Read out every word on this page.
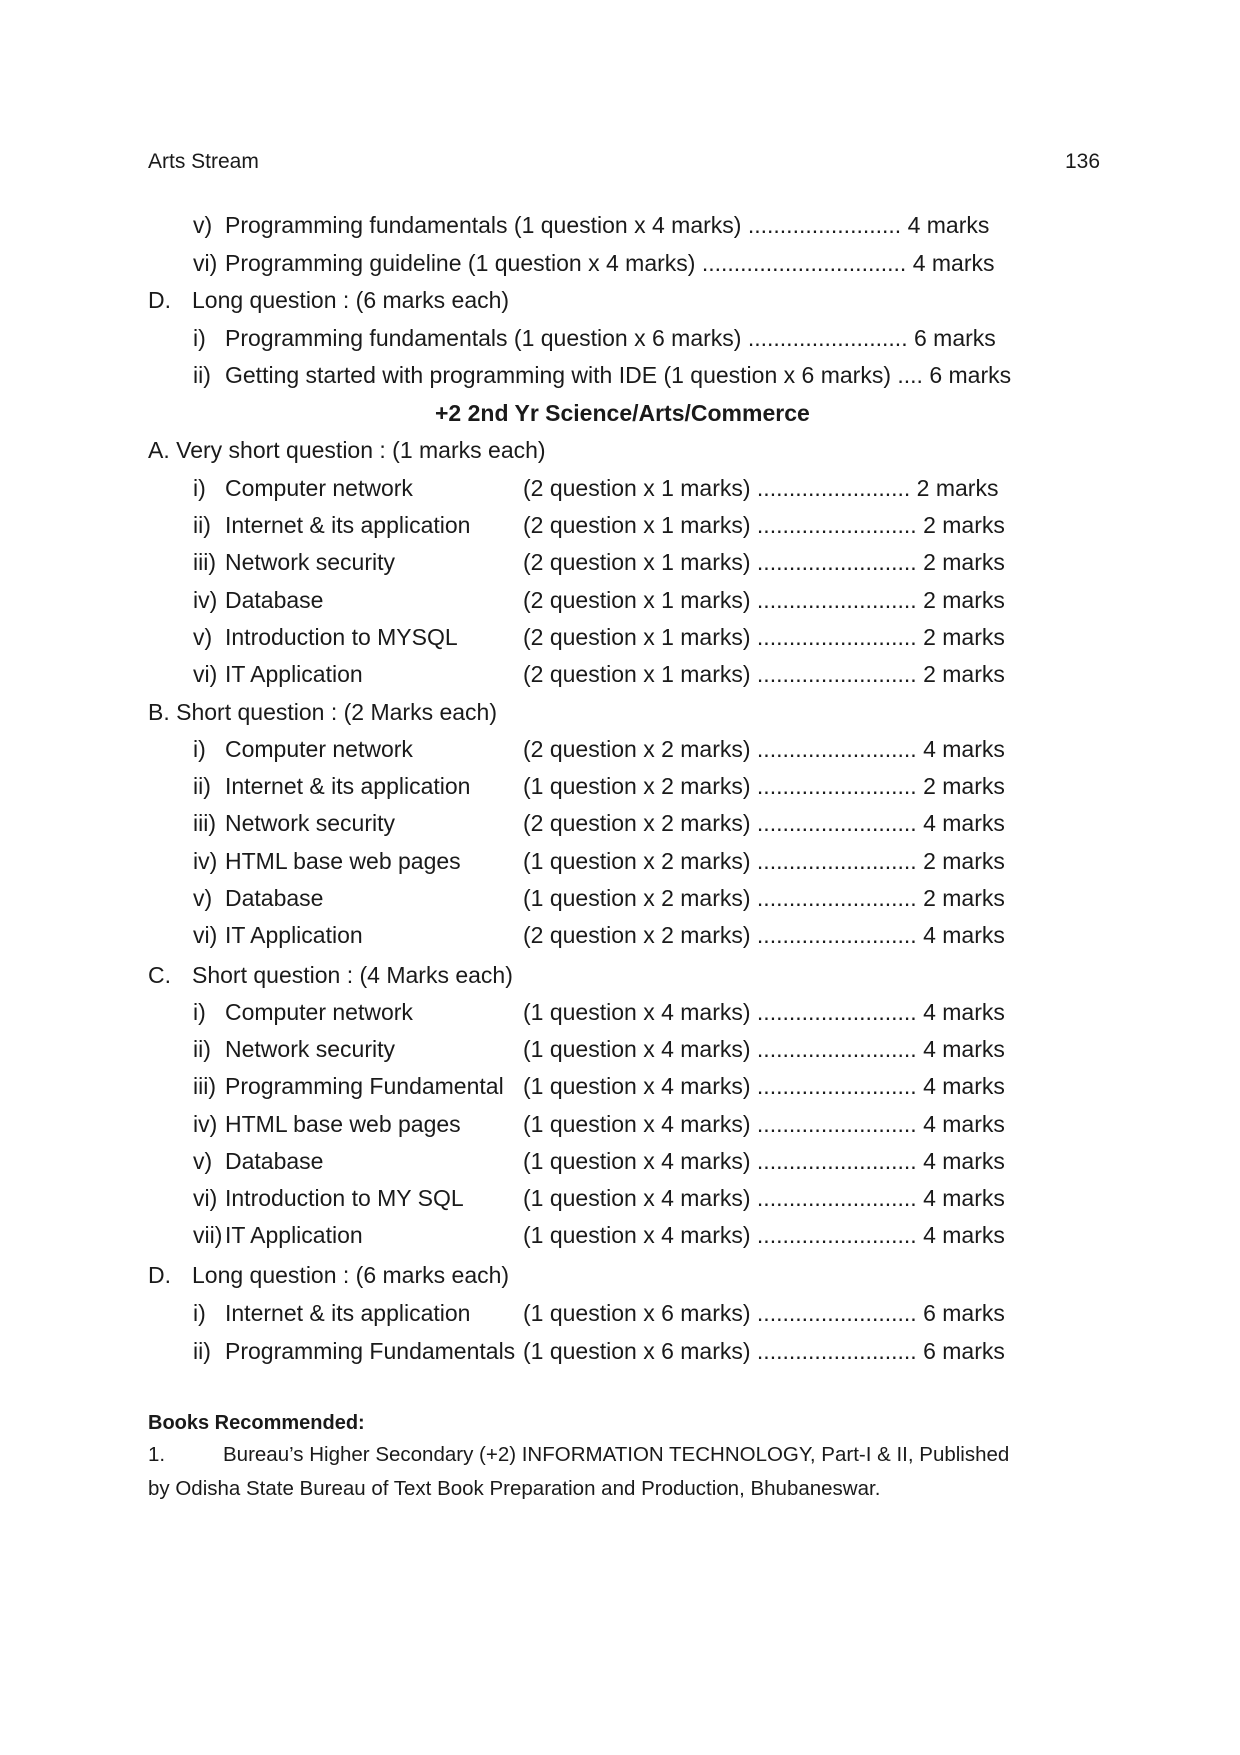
Arts Stream	136
v) Programming fundamentals (1 question x 4 marks) ........................ 4 marks
vi) Programming guideline (1 question x 4 marks) ................................ 4 marks
D. Long question : (6 marks each)
i) Programming fundamentals (1 question x 6 marks) ......................... 6 marks
ii) Getting started with programming with IDE (1 question x 6 marks) .... 6 marks
+2 2nd Yr Science/Arts/Commerce
A. Very short question : (1 marks each)
i) Computer network	(2 question x 1 marks) ........................ 2 marks
ii) Internet & its application (2 question x 1 marks) ......................... 2 marks
iii) Network security	(2 question x 1 marks) ......................... 2 marks
iv) Database	(2 question x 1 marks) ......................... 2 marks
v) Introduction to MYSQL	(2 question x 1 marks) ......................... 2 marks
vi) IT Application	(2 question x 1 marks) ......................... 2 marks
B. Short question : (2 Marks each)
i) Computer network	(2 question x 2 marks) ......................... 4 marks
ii) Internet & its application (1 question x 2 marks) ......................... 2 marks
iii) Network security	(2 question x 2 marks) ......................... 4 marks
iv) HTML base web pages	(1 question x 2 marks) ......................... 2 marks
v) Database	(1 question x 2 marks) ......................... 2 marks
vi) IT Application	(2 question x 2 marks) ......................... 4 marks
C. Short question : (4 Marks each)
i) Computer network	(1 question x 4 marks) ......................... 4 marks
ii) Network security	(1 question x 4 marks) ......................... 4 marks
iii) Programming Fundamental (1 question x 4 marks) ......................... 4 marks
iv) HTML base web pages	(1 question x 4 marks) ......................... 4 marks
v) Database	(1 question x 4 marks) ......................... 4 marks
vi) Introduction to MY SQL	(1 question x 4 marks) ......................... 4 marks
vii) IT Application	(1 question x 4 marks) ......................... 4 marks
D. Long question : (6 marks each)
i) Internet & its application (1 question x 6 marks) ......................... 6 marks
ii) Programming Fundamentals (1 question x 6 marks) ......................... 6 marks
Books Recommended:
1.	Bureau’s Higher Secondary (+2) INFORMATION TECHNOLOGY, Part-I & II, Published
by Odisha State Bureau of Text Book Preparation and Production, Bhubaneswar.
